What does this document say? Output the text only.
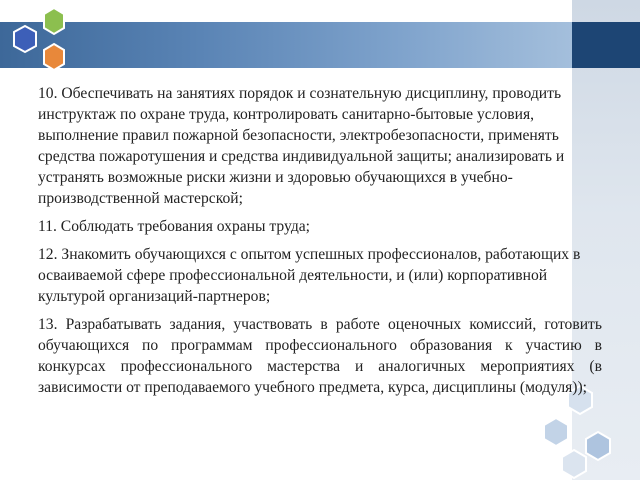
10. Обеспечивать на занятиях порядок и сознательную дисциплину, проводить инструктаж по охране труда, контролировать санитарно-бытовые условия, выполнение правил пожарной безопасности, электробезопасности, применять средства пожаротушения и средства индивидуальной защиты; анализировать и устранять возможные риски жизни и здоровью обучающихся в учебно-производственной мастерской;

11. Соблюдать требования охраны труда;

12. Знакомить обучающихся с опытом успешных профессионалов, работающих в осваиваемой сфере профессиональной деятельности, и (или) корпоративной культурой организаций-партнеров;

13. Разрабатывать задания, участвовать в работе оценочных комиссий, готовить обучающихся по программам профессионального образования к участию в конкурсах профессионального мастерства и аналогичных мероприятиях (в зависимости от преподаваемого учебного предмета, курса, дисциплины (модуля));
